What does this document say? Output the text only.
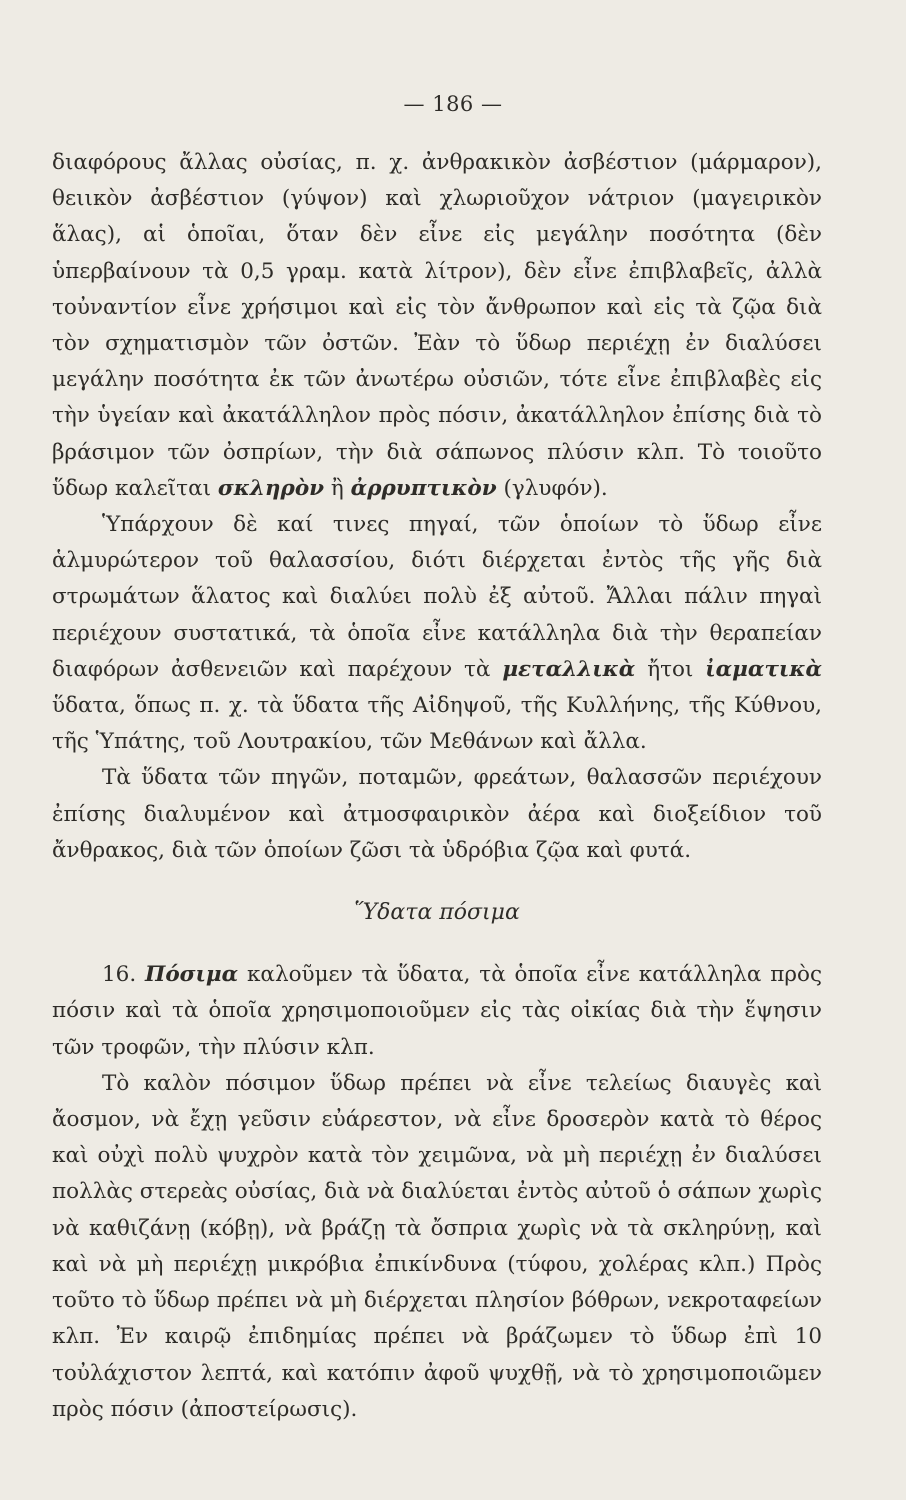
— 186 —

διαφόρους ἄλλας οὐσίας, π. χ. ἀνθρακικὸν ἀσβέστιον (μάρμαρον), θειικὸν ἀσβέστιον (γύψον) καὶ χλωριοῦχον νάτριον (μαγειρικὸν ἅλας), αἱ ὁποῖαι, ὅταν δὲν εἶνε εἰς μεγάλην ποσότητα (δὲν ὑπερβαίνουν τὰ 0,5 γραμ. κατὰ λίτρον), δὲν εἶνε ἐπιβλαβεῖς, ἀλλὰ τοὐναντίον εἶνε χρήσιμοι καὶ εἰς τὸν ἄνθρωπον καὶ εἰς τὰ ζῷα διὰ τὸν σχηματισμὸν τῶν ὀστῶν. Ἐὰν τὸ ὕδωρ περιέχῃ ἐν διαλύσει μεγάλην ποσότητα ἐκ τῶν ἀνωτέρω οὐσιῶν, τότε εἶνε ἐπιβλαβὲς εἰς τὴν ὑγείαν καὶ ἀκατάλληλον πρὸς πόσιν, ἀκατάλληλον ἐπίσης διὰ τὸ βράσιμον τῶν ὀσπρίων, τὴν διὰ σάπωνος πλύσιν κλπ. Τὸ τοιοῦτο ὕδωρ καλεῖται σκληρὸν ἢ ἀρρυπτικὸν (γλυφόν).

Ὑπάρχουν δὲ καί τινες πηγαί, τῶν ὁποίων τὸ ὕδωρ εἶνε ἁλμυρώτερον τοῦ θαλασσίου, διότι διέρχεται ἐντὸς τῆς γῆς διὰ στρωμάτων ἅλατος καὶ διαλύει πολὺ ἐξ αὐτοῦ. Ἄλλαι πάλιν πηγαὶ περιέχουν συστατικά, τὰ ὁποῖα εἶνε κατάλληλα διὰ τὴν θεραπείαν διαφόρων ἀσθενειῶν καὶ παρέχουν τὰ μεταλλικὰ ἤτοι ἰαματικὰ ὕδατα, ὅπως π. χ. τὰ ὕδατα τῆς Αἰδηψοῦ, τῆς Κυλλήνης, τῆς Κύθνου, τῆς Ὑπάτης, τοῦ Λουτρακίου, τῶν Μεθάνων καὶ ἄλλα.

Τὰ ὕδατα τῶν πηγῶν, ποταμῶν, φρεάτων, θαλασσῶν περιέχουν ἐπίσης διαλυμένον καὶ ἀτμοσφαιρικὸν ἀέρα καὶ διοξείδιον τοῦ ἄνθρακος, διὰ τῶν ὁποίων ζῶσι τὰ ὑδρόβια ζῷα καὶ φυτά.

Ὕδατα πόσιμα

16. Πόσιμα καλοῦμεν τὰ ὕδατα, τὰ ὁποῖα εἶνε κατάλληλα πρὸς πόσιν καὶ τὰ ὁποῖα χρησιμοποιοῦμεν εἰς τὰς οἰκίας διὰ τὴν ἕψησιν τῶν τροφῶν, τὴν πλύσιν κλπ.

Τὸ καλὸν πόσιμον ὕδωρ πρέπει νὰ εἶνε τελείως διαυγὲς καὶ ἄοσμον, νὰ ἔχῃ γεῦσιν εὐάρεστον, νὰ εἶνε δροσερὸν κατὰ τὸ θέρος καὶ οὐχὶ πολὺ ψυχρὸν κατὰ τὸν χειμῶνα, νὰ μὴ περιέχῃ ἐν διαλύσει πολλὰς στερεὰς οὐσίας, διὰ νὰ διαλύεται ἐντὸς αὐτοῦ ὁ σάπων χωρὶς νὰ καθιζάνῃ (κόβῃ), νὰ βράζῃ τὰ ὄσπρια χωρὶς νὰ τὰ σκληρύνῃ, καὶ καὶ νὰ μὴ περιέχῃ μικρόβια ἐπικίνδυνα (τύφου, χολέρας κλπ.) Πρὸς τοῦτο τὸ ὕδωρ πρέπει νὰ μὴ διέρχεται πλησίον βόθρων, νεκροταφείων κλπ. Ἐν καιρῷ ἐπιδημίας πρέπει νὰ βράζωμεν τὸ ὕδωρ ἐπὶ 10 τοὐλάχιστον λεπτά, καὶ κατόπιν ἀφοῦ ψυχθῇ, νὰ τὸ χρησιμοποιῶμεν πρὸς πόσιν (ἀποστείρωσις).
